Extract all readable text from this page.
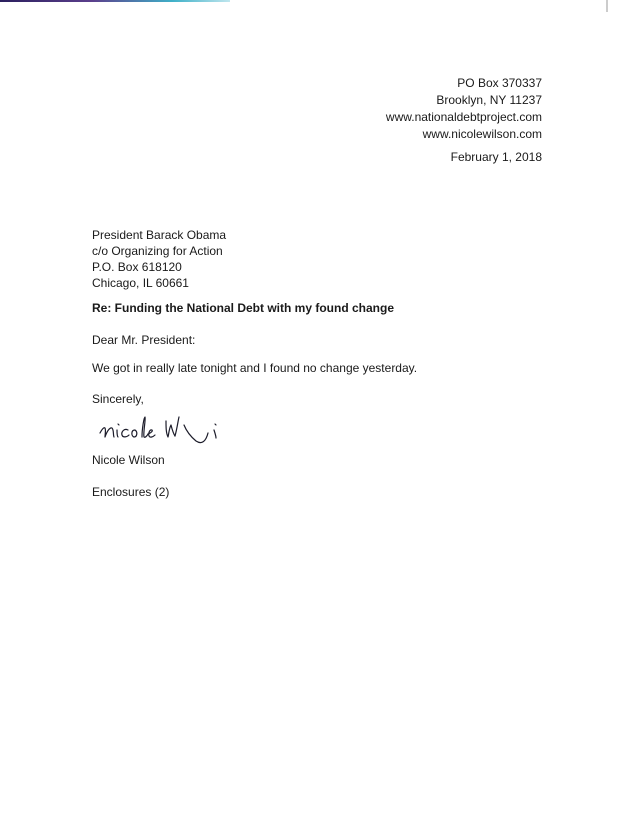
PO Box 370337
Brooklyn, NY 11237
www.nationaldebtproject.com
www.nicolewilson.com
February 1, 2018
President Barack Obama
c/o Organizing for Action
P.O. Box 618120
Chicago, IL 60661
Re: Funding the National Debt with my found change
Dear Mr. President:
We got in really late tonight and I found no change yesterday.
Sincerely,
Nicole Wilson
Enclosures (2)
